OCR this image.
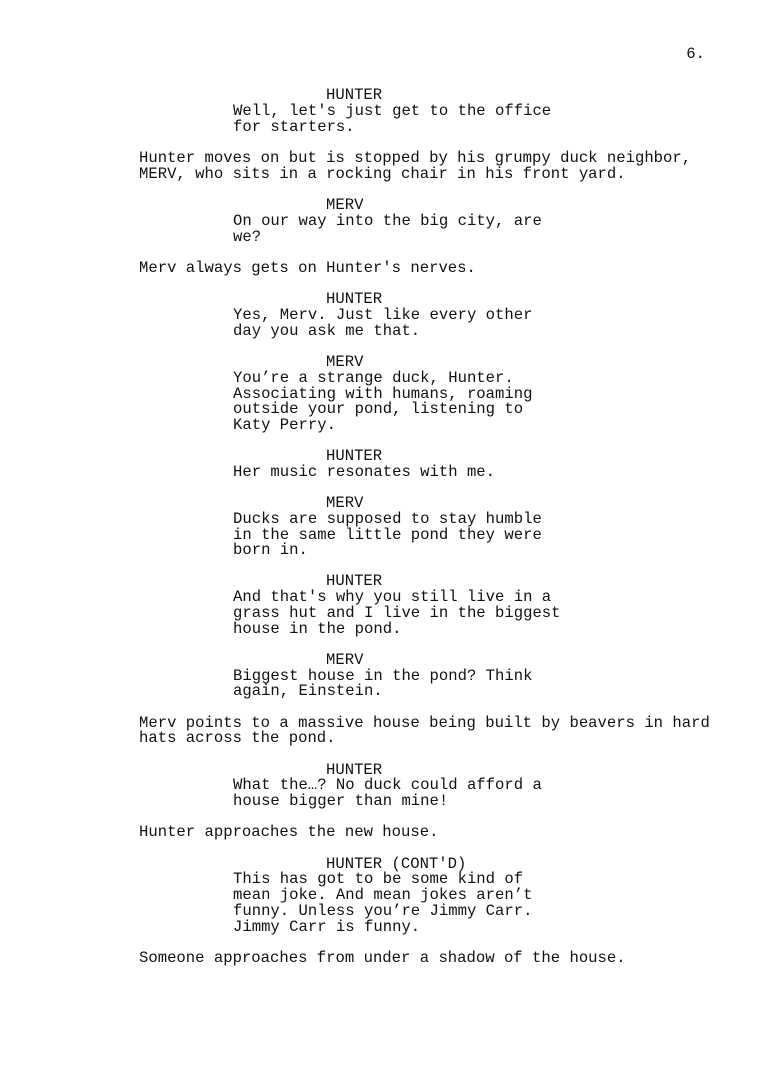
6.
HUNTER
Well, let's just get to the office
for starters.
Hunter moves on but is stopped by his grumpy duck neighbor,
MERV, who sits in a rocking chair in his front yard.
MERV
On our way into the big city, are
we?
Merv always gets on Hunter's nerves.
HUNTER
Yes, Merv. Just like every other
day you ask me that.
MERV
You’re a strange duck, Hunter.
Associating with humans, roaming
outside your pond, listening to
Katy Perry.
HUNTER
Her music resonates with me.
MERV
Ducks are supposed to stay humble
in the same little pond they were
born in.
HUNTER
And that's why you still live in a
grass hut and I live in the biggest
house in the pond.
MERV
Biggest house in the pond? Think
again, Einstein.
Merv points to a massive house being built by beavers in hard
hats across the pond.
HUNTER
What the…? No duck could afford a
house bigger than mine!
Hunter approaches the new house.
HUNTER (CONT'D)
This has got to be some kind of
mean joke. And mean jokes aren’t
funny. Unless you’re Jimmy Carr.
Jimmy Carr is funny.
Someone approaches from under a shadow of the house.
